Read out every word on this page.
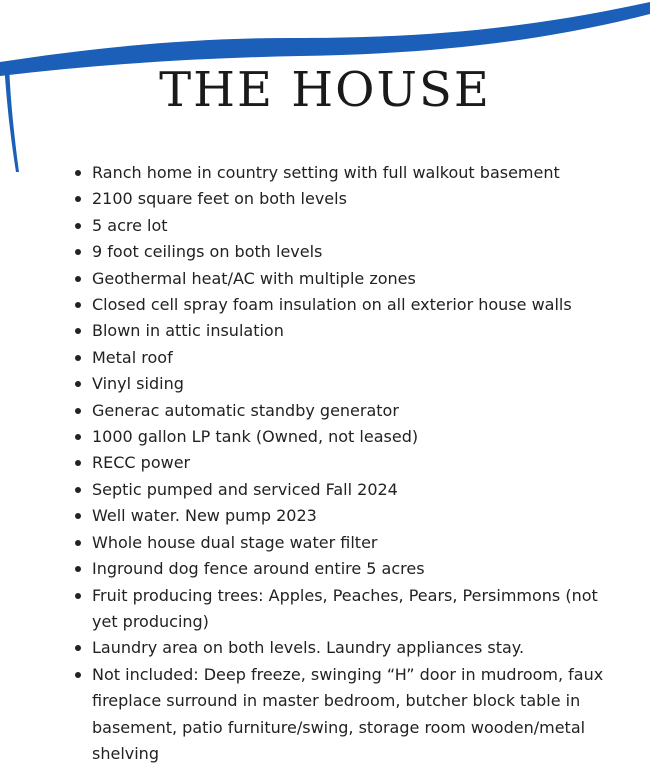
THE HOUSE
Ranch home in country setting with full walkout basement
2100 square feet on both levels
5 acre lot
9 foot ceilings on both levels
Geothermal heat/AC with multiple zones
Closed cell spray foam insulation on all exterior house walls
Blown in attic insulation
Metal roof
Vinyl siding
Generac automatic standby generator
1000 gallon LP tank (Owned, not leased)
RECC power
Septic pumped and serviced Fall 2024
Well water. New pump 2023
Whole house dual stage water filter
Inground dog fence around entire 5 acres
Fruit producing trees: Apples, Peaches, Pears, Persimmons (not yet producing)
Laundry area on both levels. Laundry appliances stay.
Not included: Deep freeze, swinging “H” door in mudroom, faux fireplace surround in master bedroom, butcher block table in basement, patio furniture/swing, storage room wooden/metal shelving
